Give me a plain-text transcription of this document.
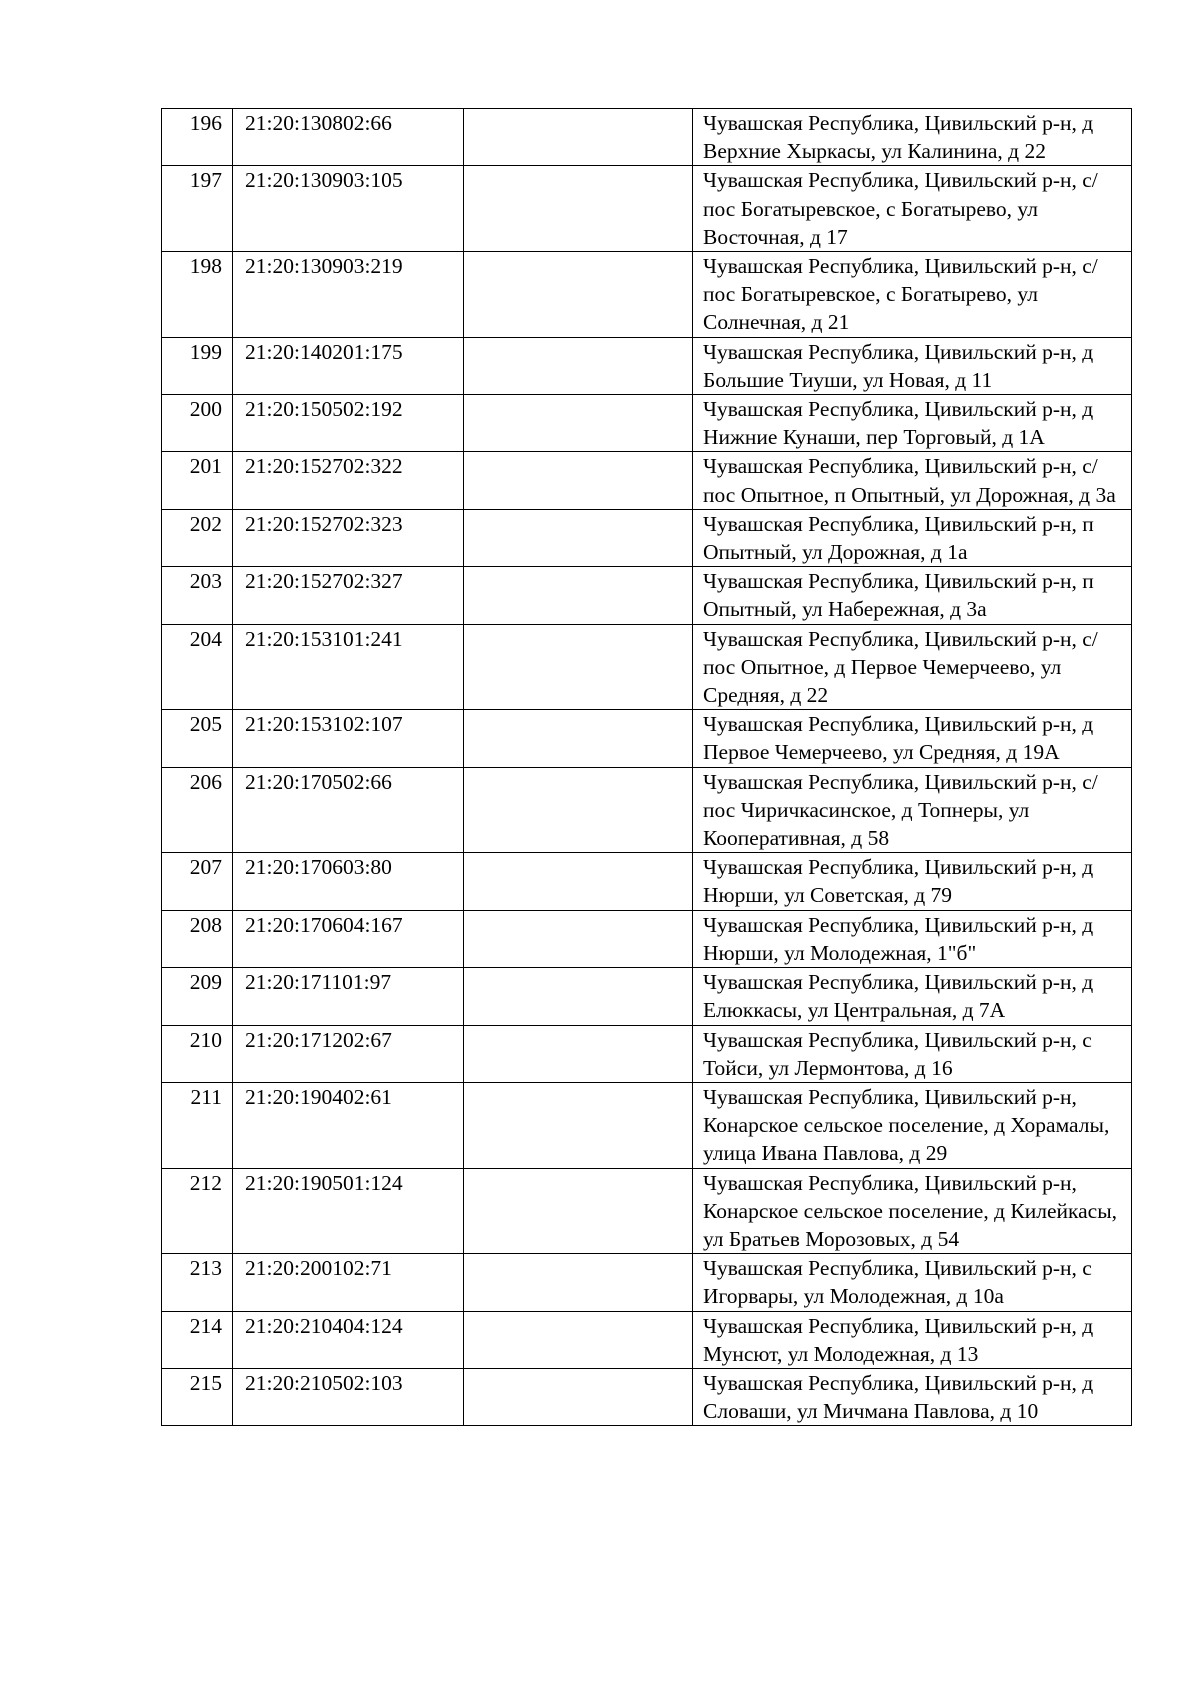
196	21:20:130802:66		Чувашская Республика, Цивильский р-н, д Верхние Хыркасы, ул Калинина, д 22
197	21:20:130903:105		Чувашская Республика, Цивильский р-н, с/пос Богатыревское, с Богатырево, ул Восточная, д 17
198	21:20:130903:219		Чувашская Республика, Цивильский р-н, с/пос Богатыревское, с Богатырево, ул Солнечная, д 21
199	21:20:140201:175		Чувашская Республика, Цивильский р-н, д Большие Тиуши, ул Новая, д 11
200	21:20:150502:192		Чувашская Республика, Цивильский р-н, д Нижние Кунаши, пер Торговый, д 1А
201	21:20:152702:322		Чувашская Республика, Цивильский р-н, с/пос Опытное, п Опытный, ул Дорожная, д 3а
202	21:20:152702:323		Чувашская Республика, Цивильский р-н, п Опытный, ул Дорожная, д 1а
203	21:20:152702:327		Чувашская Республика, Цивильский р-н, п Опытный, ул Набережная, д 3а
204	21:20:153101:241		Чувашская Республика, Цивильский р-н, с/пос Опытное, д Первое Чемерчеево, ул Средняя, д 22
205	21:20:153102:107		Чувашская Республика, Цивильский р-н, д Первое Чемерчеево, ул Средняя, д 19А
206	21:20:170502:66		Чувашская Республика, Цивильский р-н, с/пос Чиричкасинское, д Топнеры, ул Кооперативная, д 58
207	21:20:170603:80		Чувашская Республика, Цивильский р-н, д Нюрши, ул Советская, д 79
208	21:20:170604:167		Чувашская Республика, Цивильский р-н, д Нюрши, ул Молодежная, 1"б"
209	21:20:171101:97		Чувашская Республика, Цивильский р-н, д Елюккасы, ул Центральная, д 7А
210	21:20:171202:67		Чувашская Республика, Цивильский р-н, с Тойси, ул Лермонтова, д 16
211	21:20:190402:61		Чувашская Республика, Цивильский р-н, Конарское сельское поселение, д Хорамалы, улица Ивана Павлова, д 29
212	21:20:190501:124		Чувашская Республика, Цивильский р-н, Конарское сельское поселение, д Килейкасы, ул Братьев Морозовых, д 54
213	21:20:200102:71		Чувашская Республика, Цивильский р-н, с Игорвары, ул Молодежная, д 10а
214	21:20:210404:124		Чувашская Республика, Цивильский р-н, д Мунсют, ул Молодежная, д 13
215	21:20:210502:103		Чувашская Республика, Цивильский р-н, д Словаши, ул Мичмана Павлова, д 10
